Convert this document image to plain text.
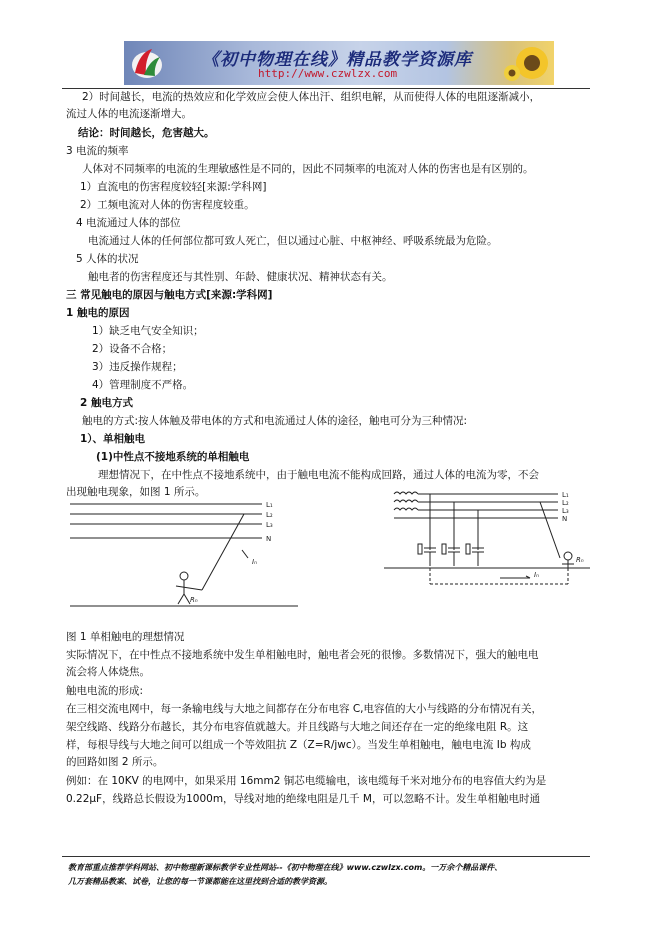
《初中物理在线》精品教学资源库
http://www.czwlzx.com
2）时间越长，电流的热效应和化学效应会使人体出汗、组织电解，从而使得人体的电阻逐渐减小，
流过人体的电流逐渐增大。
结论：时间越长，危害越大。
3 电流的频率
人体对不同频率的电流的生理敏感性是不同的，因此不同频率的电流对人体的伤害也是有区别的。
1）直流电的伤害程度较轻[来源:学科网]
2）工频电流对人体的伤害程度较重。
4 电流通过人体的部位
电流通过人体的任何部位都可致人死亡，但以通过心脏、中枢神经、呼吸系统最为危险。
5 人体的状况
触电者的伤害程度还与其性别、年龄、健康状况、精神状态有关。
三 常见触电的原因与触电方式[来源:学科网]
1 触电的原因
1）缺乏电气安全知识；
2）设备不合格；
3）违反操作规程；
4）管理制度不严格。
2 触电方式
触电的方式:按人体触及带电体的方式和电流通过人体的途径，触电可分为三种情况:
1）、单相触电
(1)中性点不接地系统的单相触电
理想情况下，在中性点不接地系统中，由于触电电流不能构成回路，通过人体的电流为零，不会
出现触电现象，如图 1 所示。
L₁
L₂
L₃
N
Iₙ
Rₙ
L₁
L₂
L₃
N
Iₙ
Rₙ
图 1 单相触电的理想情况
实际情况下，在中性点不接地系统中发生单相触电时，触电者会死的很惨。多数情况下，强大的触电电
流会将人体烧焦。
触电电流的形成:
在三相交流电网中，每一条输电线与大地之间都存在分布电容 C,电容值的大小与线路的分布情况有关，
架空线路、线路分布越长，其分布电容值就越大。并且线路与大地之间还存在一定的绝缘电阻 R。这
样，每根导线与大地之间可以组成一个等效阻抗 Z（Z=R/jwc）。当发生单相触电，触电电流 Ib 构成
的回路如图 2 所示。
例如：在 10KV 的电网中，如果采用 16mm2 铜芯电缆输电，该电缆每千米对地分布的电容值大约为是
0.22μF，线路总长假设为1000m，导线对地的绝缘电阻是几千 M，可以忽略不计。发生单相触电时通
教育部重点推荐学科网站、初中物理新课标教学专业性网站--《初中物理在线》www.czwlzx.com。一万余个精品课件、
几万套精品教案、试卷，让您的每一节课都能在这里找到合适的教学资源。
